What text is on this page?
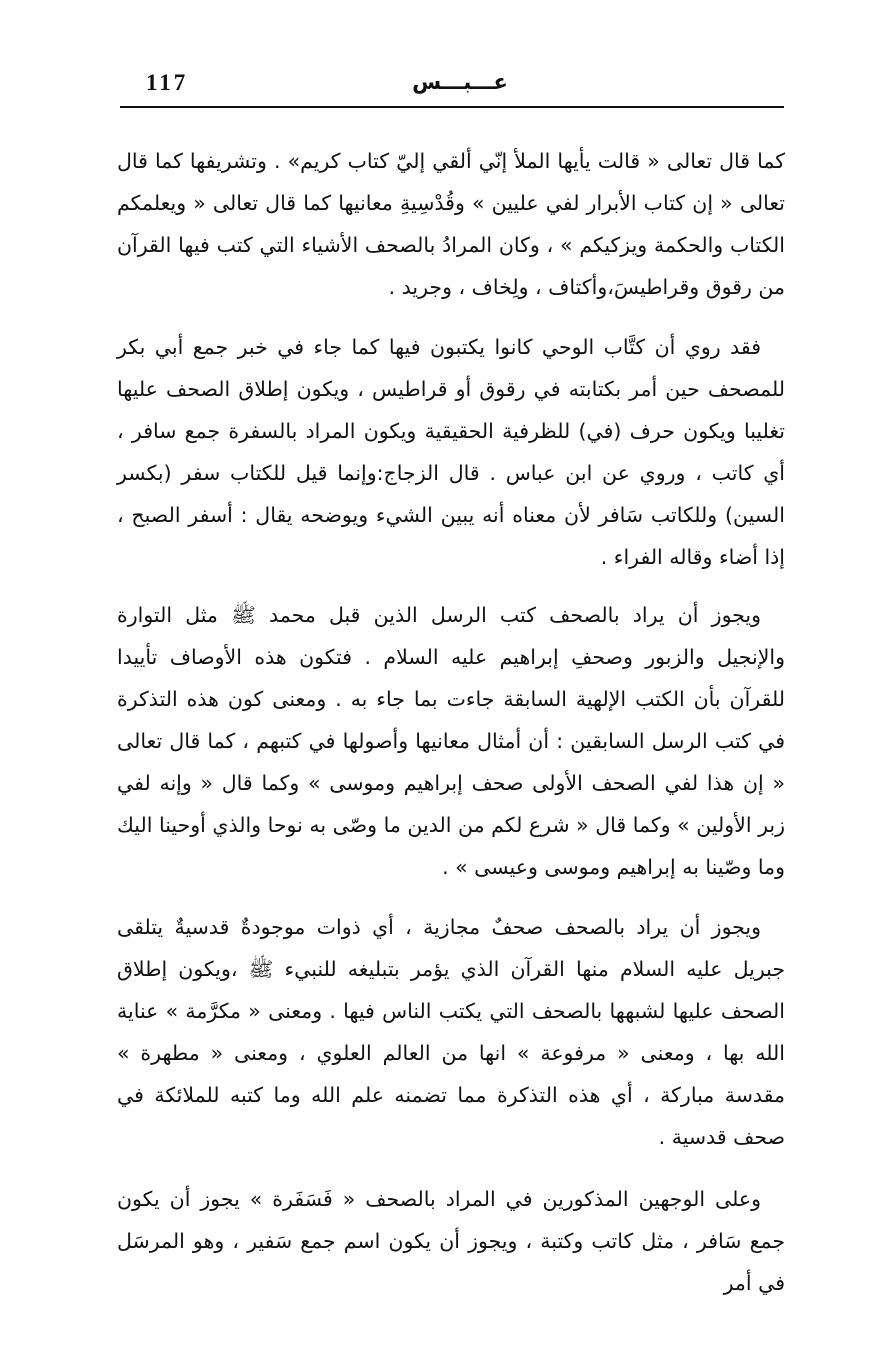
117	عـــبـــس

كما قال تعالى « قالت يأيها الملأ إنّي ألقي إليّ كتاب كريم» . وتشريفها كما قال تعالى « إن كتاب الأبرار لفي عليين » وقُدْسِيةِ معانيها كما قال تعالى « ويعلمكم الكتاب والحكمة ويزكيكم » ، وكان المرادُ بالصحف الأشياء التي كتب فيها القرآن من رقوق وقراطيسَ،وأكتاف ، ولِخاف ، وجريد .

فقد روي أن كتَّاب الوحي كانوا يكتبون فيها كما جاء في خبر جمع أبي بكر للمصحف حين أمر بكتابته في رقوق أو قراطيس ، ويكون إطلاق الصحف عليها تغليبا ويكون حرف (في) للظرفية الحقيقية ويكون المراد بالسفرة جمع سافر ، أي كاتب ، وروي عن ابن عباس . قال الزجاج:وإنما قيل للكتاب سفر (بكسر السين) وللكاتب سَافر لأن معناه أنه يبين الشيء ويوضحه يقال : أسفر الصبح ، إذا أضاء وقاله الفراء .

ويجوز أن يراد بالصحف كتب الرسل الذين قبل محمد ﷺ مثل التوارة والإنجيل والزبور وصحفِ إبراهيم عليه السلام . فتكون هذه الأوصاف تأييدا للقرآن بأن الكتب الإلهية السابقة جاءت بما جاء به . ومعنى كون هذه التذكرة في كتب الرسل السابقين : أن أمثال معانيها وأصولها في كتبهم ، كما قال تعالى « إن هذا لفي الصحف الأولى صحف إبراهيم وموسى » وكما قال « وإنه لفي زبر الأولين » وكما قال « شرع لكم من الدين ما وصّى به نوحا والذي أوحينا اليك وما وصّينا به إبراهيم وموسى وعيسى » .

ويجوز أن يراد بالصحف صحفٌ مجازية ، أي ذوات موجودةٌ قدسيةٌ يتلقى جبريل عليه السلام منها القرآن الذي يؤمر بتبليغه للنبيء ﷺ ،ويكون إطلاق الصحف عليها لشبهها بالصحف التي يكتب الناس فيها . ومعنى « مكرَّمة » عناية الله بها ، ومعنى « مرفوعة » انها من العالم العلوي ، ومعنى « مطهرة » مقدسة مباركة ، أي هذه التذكرة مما تضمنه علم الله وما كتبه للملائكة في صحف قدسية .

وعلى الوجهين المذكورين في المراد بالصحف « فَسَفَرة » يجوز أن يكون جمع سَافر ، مثل كاتب وكتبة ، ويجوز أن يكون اسم جمع سَفير ، وهو المرسَل في أمر
